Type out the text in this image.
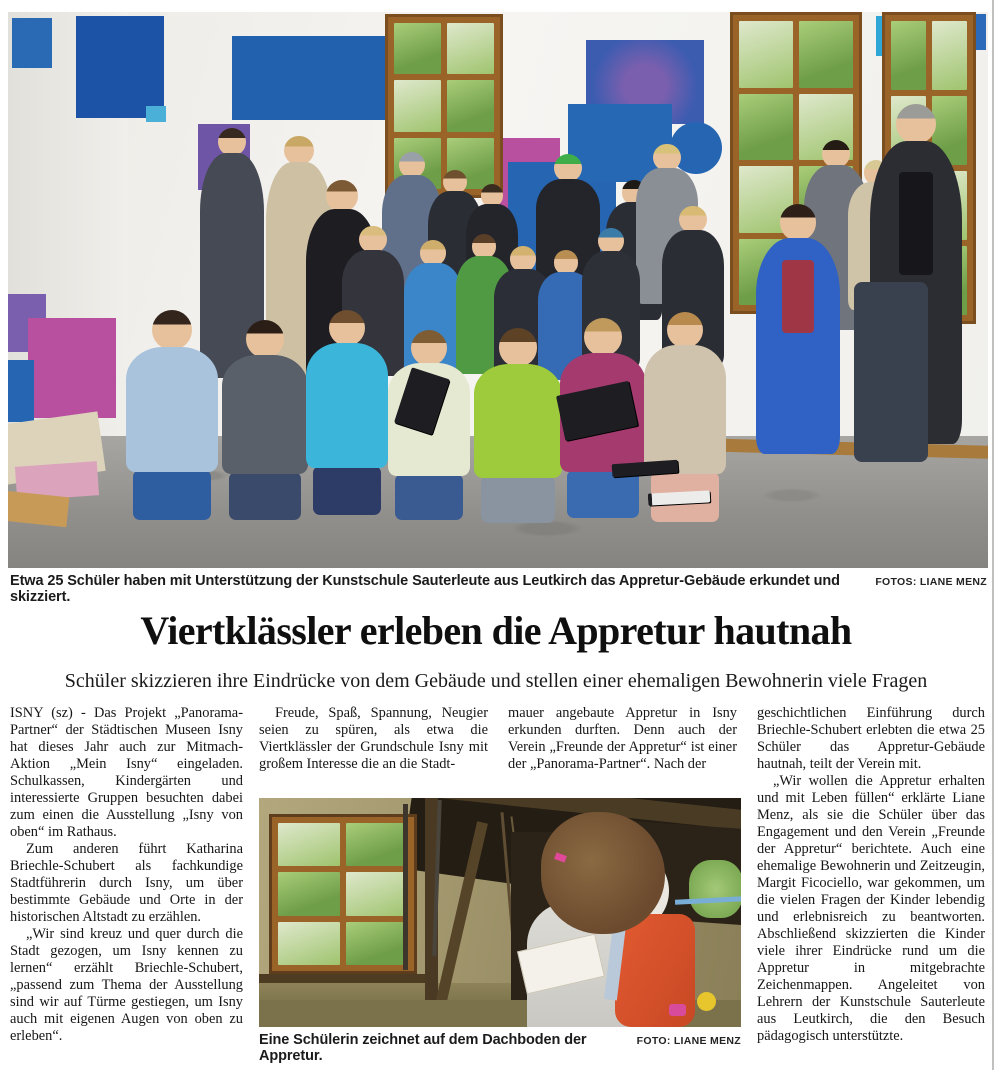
Etwa 25 Schüler haben mit Unterstützung der Kunstschule Sauterleute aus Leutkirch das Appretur-Gebäude erkundet und skizziert.
FOTOS: LIANE MENZ
Viertklässler erleben die Appretur hautnah
Schüler skizzieren ihre Eindrücke von dem Gebäude und stellen einer ehemaligen Bewohnerin viele Fragen

ISNY (sz) - Das Projekt „Panorama-Partner“ der Städtischen Museen Isny hat dieses Jahr auch zur Mitmach-Aktion „Mein Isny“ eingeladen. Schulkassen, Kindergärten und interessierte Gruppen besuchten dabei zum einen die Ausstellung „Isny von oben“ im Rathaus.

Zum anderen führt Katharina Briechle-Schubert als fachkundige Stadtführerin durch Isny, um über bestimmte Gebäude und Orte in der historischen Altstadt zu erzählen.

„Wir sind kreuz und quer durch die Stadt gezogen, um Isny kennen zu lernen“ erzählt Briechle-Schubert, „passend zum Thema der Ausstellung sind wir auf Türme gestiegen, um Isny auch mit eigenen Augen von oben zu erleben“.

Freude, Spaß, Spannung, Neugier seien zu spüren, als etwa die Viertklässler der Grundschule Isny mit großem Interesse die an die Stadt-

mauer angebaute Appretur in Isny erkunden durften. Denn auch der Verein „Freunde der Appretur“ ist einer der „Panorama-Partner“. Nach der

geschichtlichen Einführung durch Briechle-Schubert erlebten die etwa 25 Schüler das Appretur-Gebäude hautnah, teilt der Verein mit.

„Wir wollen die Appretur erhalten und mit Leben füllen“ erklärte Liane Menz, als sie die Schüler über das Engagement und den Verein „Freunde der Appretur“ berichtete. Auch eine ehemalige Bewohnerin und Zeitzeugin, Margit Ficociello, war gekommen, um die vielen Fragen der Kinder lebendig und erlebnisreich zu beantworten. Abschließend skizzierten die Kinder viele ihrer Eindrücke rund um die Appretur in mitgebrachte Zeichenmappen. Angeleitet von Lehrern der Kunstschule Sauterleute aus Leutkirch, die den Besuch pädagogisch unterstützte.

Eine Schülerin zeichnet auf dem Dachboden der Appretur.
FOTO: LIANE MENZ
